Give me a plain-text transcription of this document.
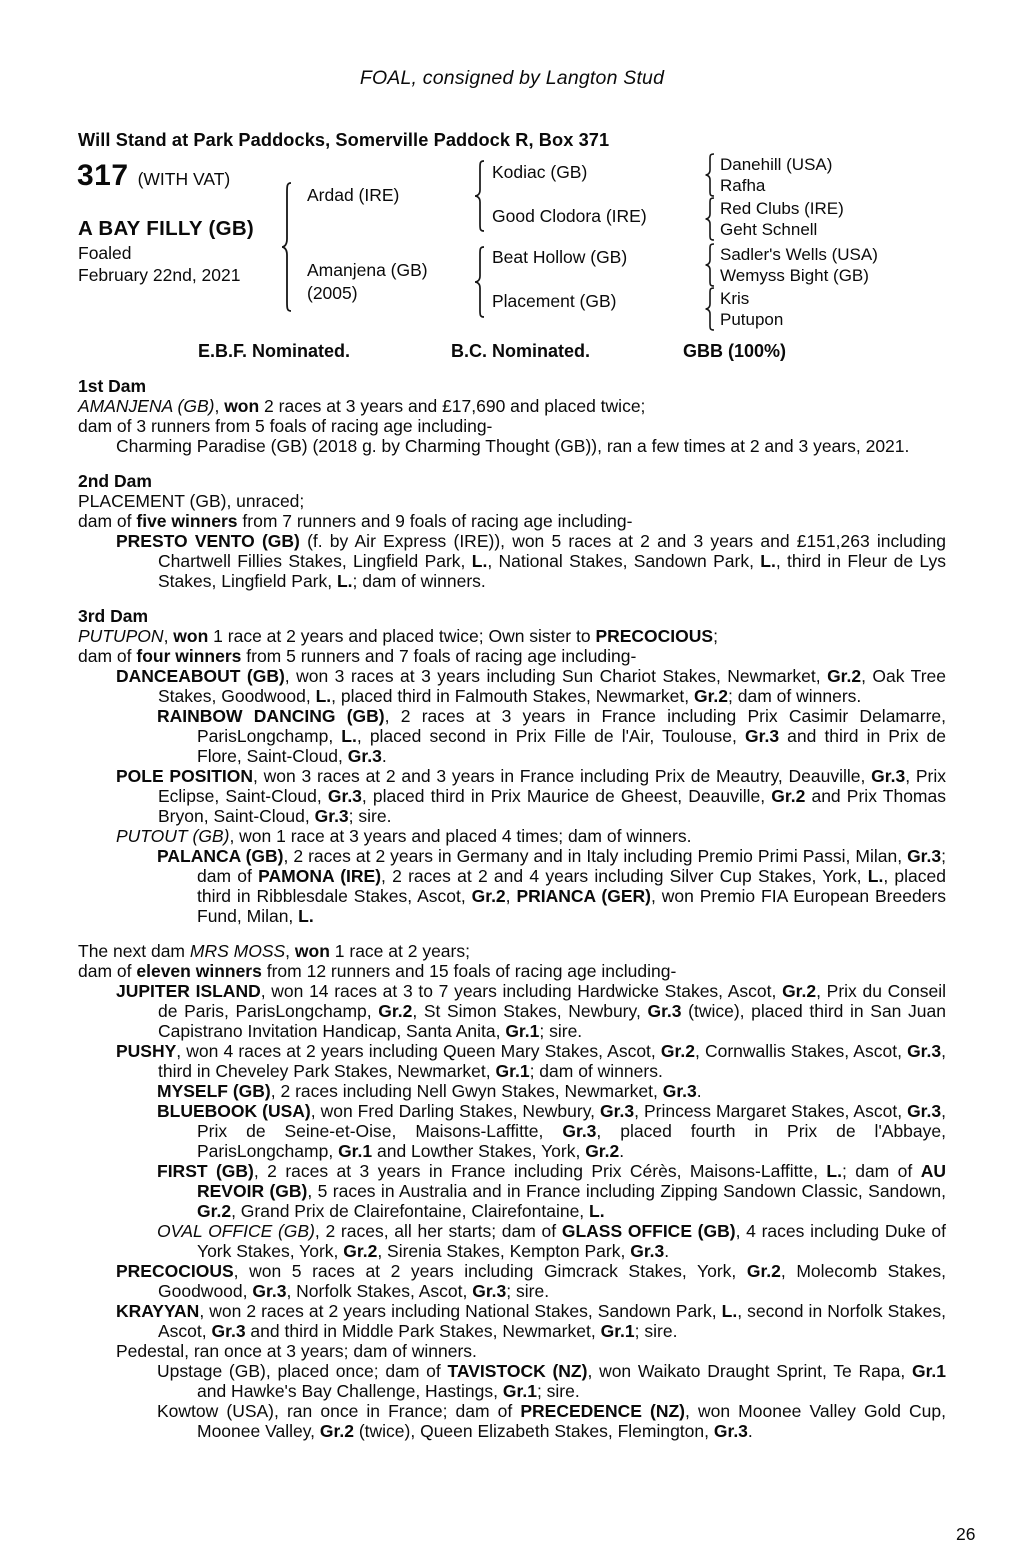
FOAL, consigned by Langton Stud
Will Stand at Park Paddocks, Somerville Paddock R, Box 371
317 (WITH VAT)
A BAY FILLY (GB)
Foaled
February 22nd, 2021
Ardad (IRE)
Amanjena (GB)
(2005)
Kodiac (GB)
Good Clodora (IRE)
Beat Hollow (GB)
Placement (GB)
Danehill (USA)
Rafha
Red Clubs (IRE)
Geht Schnell
Sadler's Wells (USA)
Wemyss Bight (GB)
Kris
Putupon
E.B.F. Nominated.	B.C. Nominated.	GBB (100%)
1st Dam
AMANJENA (GB), won 2 races at 3 years and £17,690 and placed twice;
dam of 3 runners from 5 foals of racing age including-
Charming Paradise (GB) (2018 g. by Charming Thought (GB)), ran a few times at 2 and 3 years, 2021.
2nd Dam
PLACEMENT (GB), unraced;
dam of five winners from 7 runners and 9 foals of racing age including-
PRESTO VENTO (GB) (f. by Air Express (IRE)), won 5 races at 2 and 3 years and £151,263 including Chartwell Fillies Stakes, Lingfield Park, L., National Stakes, Sandown Park, L., third in Fleur de Lys Stakes, Lingfield Park, L.; dam of winners.
3rd Dam
PUTUPON, won 1 race at 2 years and placed twice; Own sister to PRECOCIOUS;
dam of four winners from 5 runners and 7 foals of racing age including-
DANCEABOUT (GB), won 3 races at 3 years including Sun Chariot Stakes, Newmarket, Gr.2, Oak Tree Stakes, Goodwood, L., placed third in Falmouth Stakes, Newmarket, Gr.2; dam of winners.
RAINBOW DANCING (GB), 2 races at 3 years in France including Prix Casimir Delamarre, ParisLongchamp, L., placed second in Prix Fille de l'Air, Toulouse, Gr.3 and third in Prix de Flore, Saint-Cloud, Gr.3.
POLE POSITION, won 3 races at 2 and 3 years in France including Prix de Meautry, Deauville, Gr.3, Prix Eclipse, Saint-Cloud, Gr.3, placed third in Prix Maurice de Gheest, Deauville, Gr.2 and Prix Thomas Bryon, Saint-Cloud, Gr.3; sire.
PUTOUT (GB), won 1 race at 3 years and placed 4 times; dam of winners.
PALANCA (GB), 2 races at 2 years in Germany and in Italy including Premio Primi Passi, Milan, Gr.3; dam of PAMONA (IRE), 2 races at 2 and 4 years including Silver Cup Stakes, York, L., placed third in Ribblesdale Stakes, Ascot, Gr.2, PRIANCA (GER), won Premio FIA European Breeders Fund, Milan, L.
The next dam MRS MOSS, won 1 race at 2 years;
dam of eleven winners from 12 runners and 15 foals of racing age including-
JUPITER ISLAND, won 14 races at 3 to 7 years including Hardwicke Stakes, Ascot, Gr.2, Prix du Conseil de Paris, ParisLongchamp, Gr.2, St Simon Stakes, Newbury, Gr.3 (twice), placed third in San Juan Capistrano Invitation Handicap, Santa Anita, Gr.1; sire.
PUSHY, won 4 races at 2 years including Queen Mary Stakes, Ascot, Gr.2, Cornwallis Stakes, Ascot, Gr.3, third in Cheveley Park Stakes, Newmarket, Gr.1; dam of winners.
MYSELF (GB), 2 races including Nell Gwyn Stakes, Newmarket, Gr.3.
BLUEBOOK (USA), won Fred Darling Stakes, Newbury, Gr.3, Princess Margaret Stakes, Ascot, Gr.3, Prix de Seine-et-Oise, Maisons-Laffitte, Gr.3, placed fourth in Prix de l'Abbaye, ParisLongchamp, Gr.1 and Lowther Stakes, York, Gr.2.
FIRST (GB), 2 races at 3 years in France including Prix Cérès, Maisons-Laffitte, L.; dam of AU REVOIR (GB), 5 races in Australia and in France including Zipping Sandown Classic, Sandown, Gr.2, Grand Prix de Clairefontaine, Clairefontaine, L.
OVAL OFFICE (GB), 2 races, all her starts; dam of GLASS OFFICE (GB), 4 races including Duke of York Stakes, York, Gr.2, Sirenia Stakes, Kempton Park, Gr.3.
PRECOCIOUS, won 5 races at 2 years including Gimcrack Stakes, York, Gr.2, Molecomb Stakes, Goodwood, Gr.3, Norfolk Stakes, Ascot, Gr.3; sire.
KRAYYAN, won 2 races at 2 years including National Stakes, Sandown Park, L., second in Norfolk Stakes, Ascot, Gr.3 and third in Middle Park Stakes, Newmarket, Gr.1; sire.
Pedestal, ran once at 3 years; dam of winners.
Upstage (GB), placed once; dam of TAVISTOCK (NZ), won Waikato Draught Sprint, Te Rapa, Gr.1 and Hawke's Bay Challenge, Hastings, Gr.1; sire.
Kowtow (USA), ran once in France; dam of PRECEDENCE (NZ), won Moonee Valley Gold Cup, Moonee Valley, Gr.2 (twice), Queen Elizabeth Stakes, Flemington, Gr.3.
26
